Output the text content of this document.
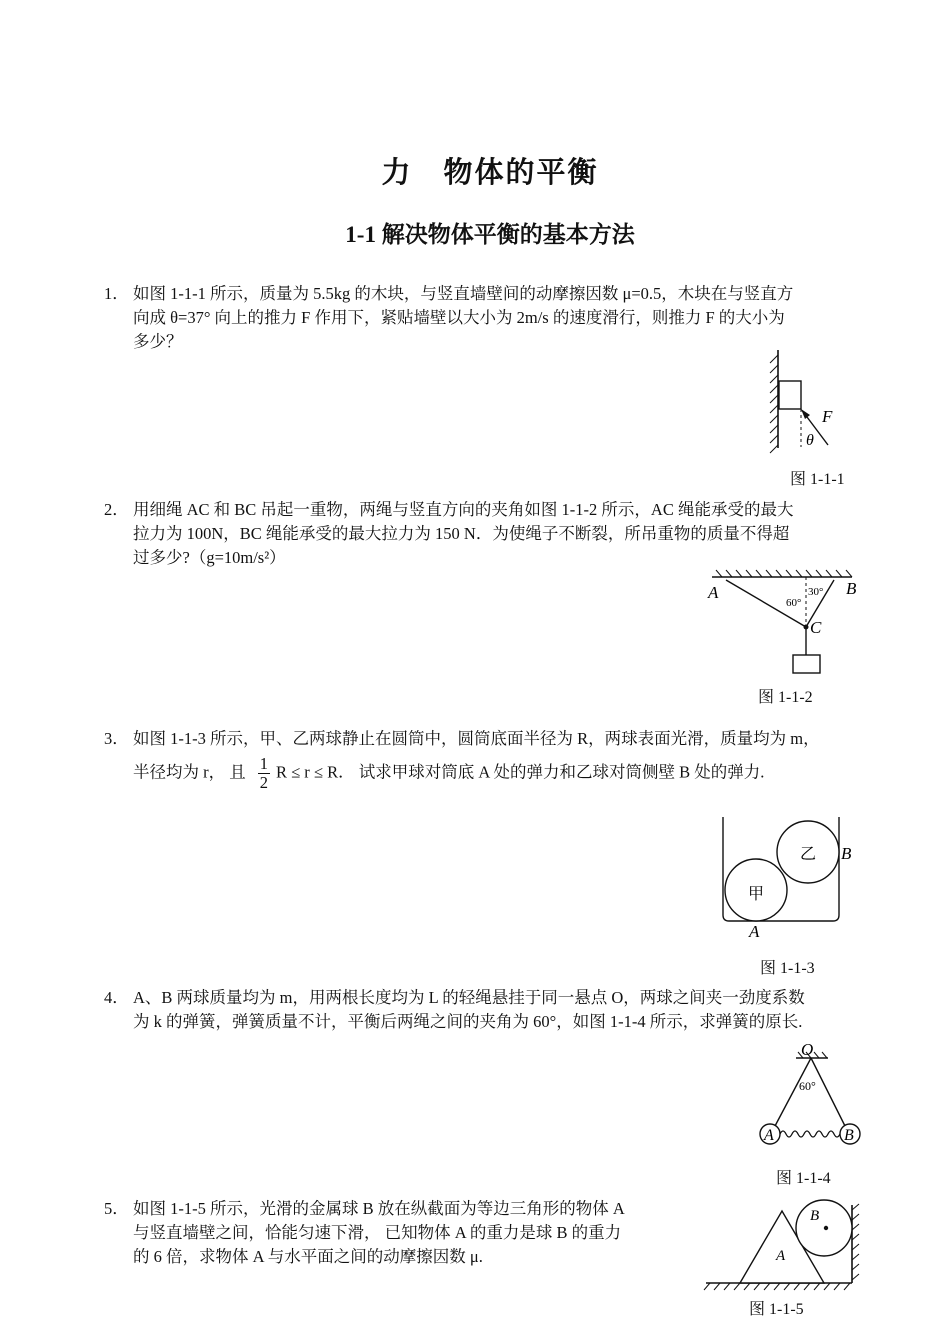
力　物体的平衡
1-1 解决物体平衡的基本方法
1． 如图 1-1-1 所示，质量为 5.5kg 的木块，与竖直墙壁间的动摩擦因数 μ=0.5，木块在与竖直方
向成 θ=37° 向上的推力 F 作用下，紧贴墙壁以大小为 2m/s 的速度滑行，则推力 F 的大小为
多少？
F
θ
图 1-1-1
2． 用细绳 AC 和 BC 吊起一重物，两绳与竖直方向的夹角如图 1-1-2 所示，AC 绳能承受的最大
拉力为 100N，BC 绳能承受的最大拉力为 150 N．为使绳子不断裂，所吊重物的质量不得超
过多少?（g=10m/s²）
A	B
C
60°
30°
图 1-1-2
3． 如图 1-1-3 所示，甲、乙两球静止在圆筒中，圆筒底面半径为 R，两球表面光滑，质量均为 m，
半径均为 r， 且 $\frac{1}{2}$ R ≤ r ≤ R． 试求甲球对筒底 A 处的弹力和乙球对筒侧壁 B 处的弹力.
甲
乙
A
B
图 1-1-3
4． A、B 两球质量均为 m，用两根长度均为 L 的轻绳悬挂于同一悬点 O，两球之间夹一劲度系数
为 k 的弹簧，弹簧质量不计，平衡后两绳之间的夹角为 60°，如图 1-1-4 所示，求弹簧的原长.
O
60°
A	B
图 1-1-4
5． 如图 1-1-5 所示，光滑的金属球 B 放在纵截面为等边三角形的物体 A
与竖直墙壁之间，恰能匀速下滑， 已知物体 A 的重力是球 B 的重力
的 6 倍，求物体 A 与水平面之间的动摩擦因数 μ.	A
B
图 1-1-5
